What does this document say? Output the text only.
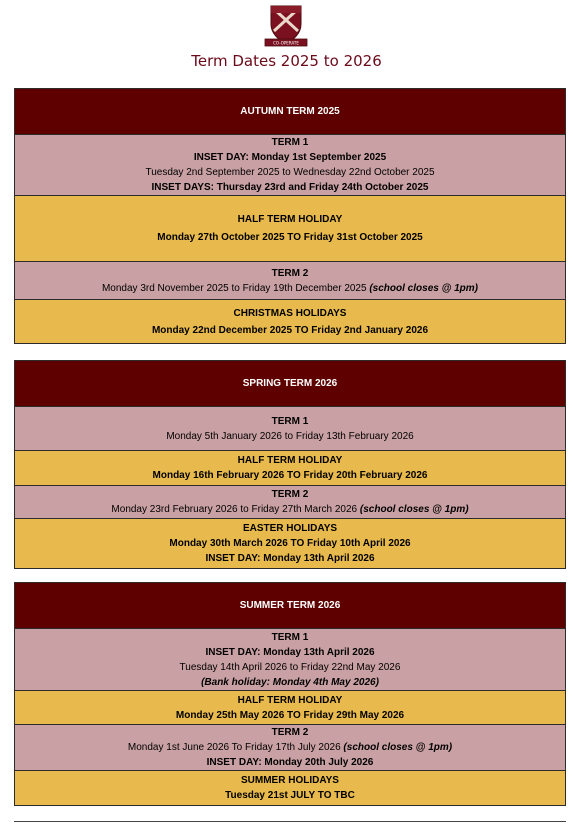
CO-OPERATE
Term Dates 2025 to 2026
AUTUMN TERM 2025

TERM 1
INSET DAY: Monday 1st September 2025
Tuesday 2nd September 2025 to Wednesday 22nd October 2025
INSET DAYS: Thursday 23rd and Friday 24th October 2025

HALF TERM HOLIDAY
Monday 27th October 2025 TO Friday 31st October 2025

TERM 2
Monday 3rd November 2025 to Friday 19th December 2025 (school closes @ 1pm)

CHRISTMAS HOLIDAYS
Monday 22nd December 2025 TO Friday 2nd January 2026
SPRING TERM 2026

TERM 1
Monday 5th January 2026 to Friday 13th February 2026

HALF TERM HOLIDAY
Monday 16th February 2026 TO Friday 20th February 2026

TERM 2
Monday 23rd February 2026 to Friday 27th March 2026 (school closes @ 1pm)

EASTER HOLIDAYS
Monday 30th March 2026 TO Friday 10th April 2026
INSET DAY: Monday 13th April 2026
SUMMER TERM 2026

TERM 1
INSET DAY: Monday 13th April 2026
Tuesday 14th April 2026 to Friday 22nd May 2026
(Bank holiday: Monday 4th May 2026)

HALF TERM HOLIDAY
Monday 25th May 2026 TO Friday 29th May 2026

TERM 2
Monday 1st June 2026 To Friday 17th July 2026 (school closes @ 1pm)
INSET DAY: Monday 20th July 2026

SUMMER HOLIDAYS
Tuesday 21st JULY TO TBC
